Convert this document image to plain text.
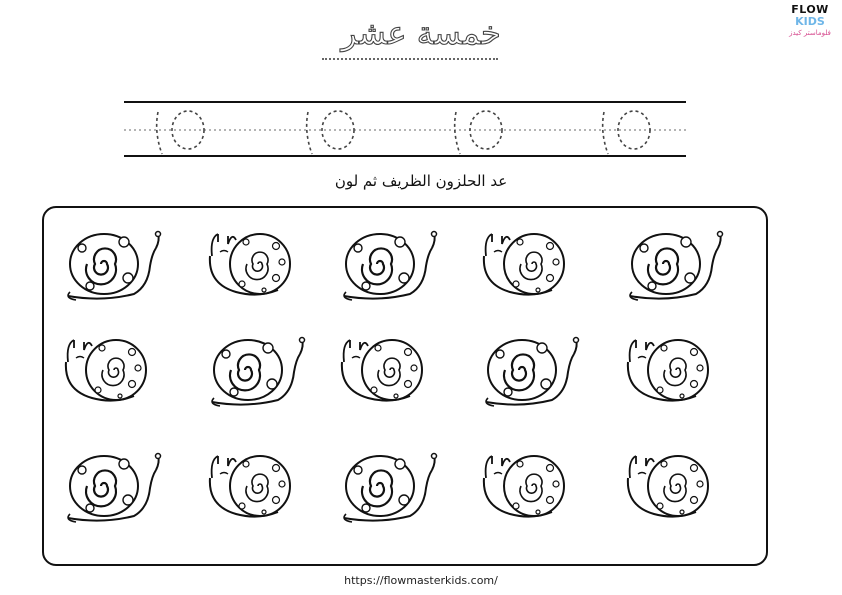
خمسة عشر
FLOW
KIDS
فلوماستر كيدز
عد الحلزون الظريف ثم لون
https://flowmasterkids.com/
